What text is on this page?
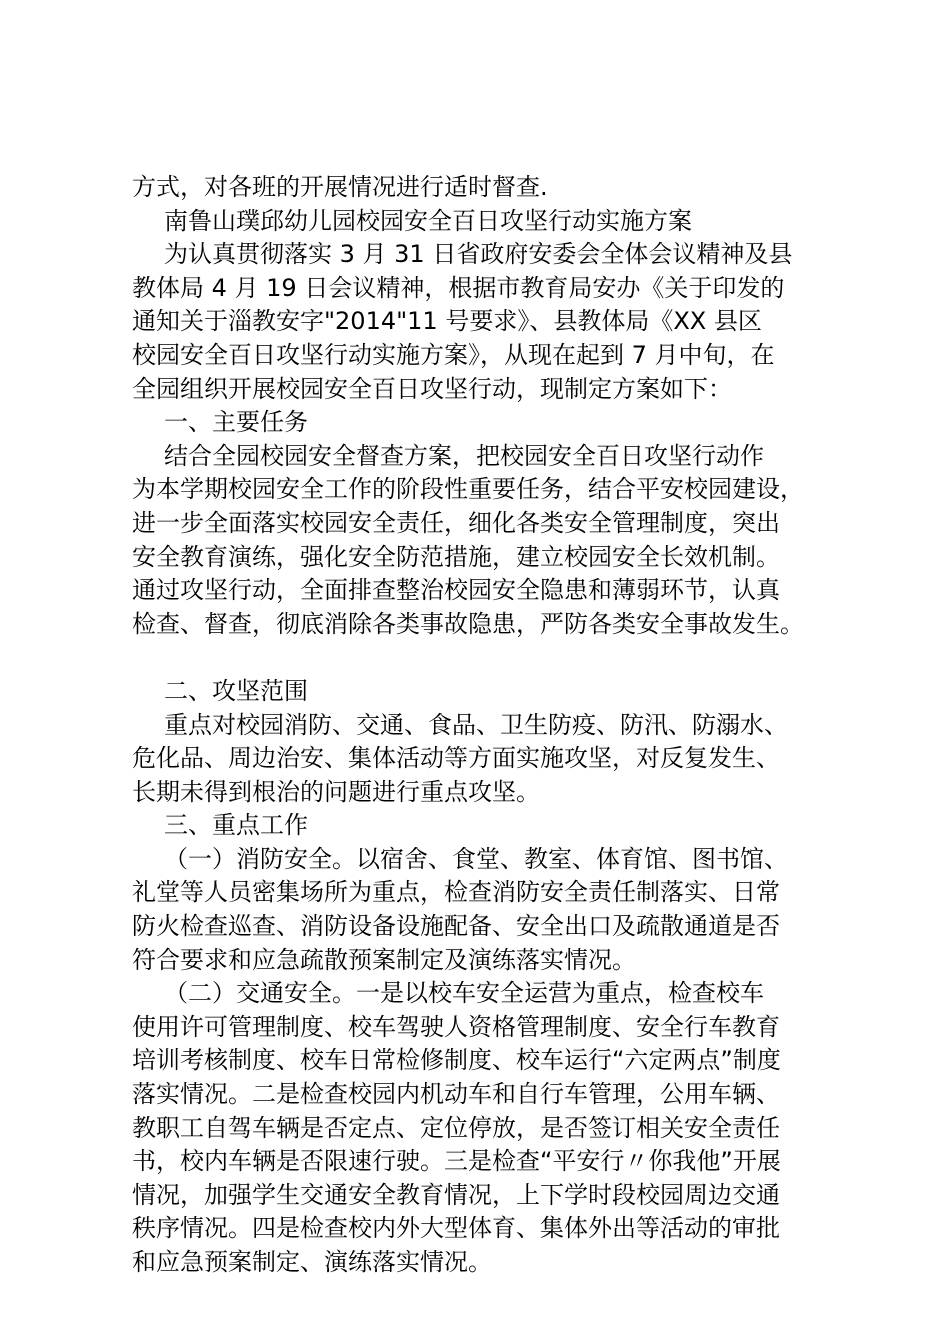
方式，对各班的开展情况进行适时督查.
南鲁山璞邱幼儿园校园安全百日攻坚行动实施方案
为认真贯彻落实 3 月 31 日省政府安委会全体会议精神及县
教体局 4 月 19 日会议精神，根据市教育局安办《关于印发的
通知关于淄教安字"2014"11 号要求》、县教体局《XX 县区
校园安全百日攻坚行动实施方案》，从现在起到 7 月中旬，在
全园组织开展校园安全百日攻坚行动，现制定方案如下：
一、主要任务
结合全园校园安全督查方案，把校园安全百日攻坚行动作
为本学期校园安全工作的阶段性重要任务，结合平安校园建设，
进一步全面落实校园安全责任，细化各类安全管理制度，突出
安全教育演练，强化安全防范措施，建立校园安全长效机制。
通过攻坚行动，全面排查整治校园安全隐患和薄弱环节，认真
检查、督查，彻底消除各类事故隐患，严防各类安全事故发生。
二、攻坚范围
重点对校园消防、交通、食品、卫生防疫、防汛、防溺水、
危化品、周边治安、集体活动等方面实施攻坚，对反复发生、
长期未得到根治的问题进行重点攻坚。
三、重点工作
（一）消防安全。以宿舍、食堂、教室、体育馆、图书馆、
礼堂等人员密集场所为重点，检查消防安全责任制落实、日常
防火检查巡查、消防设备设施配备、安全出口及疏散通道是否
符合要求和应急疏散预案制定及演练落实情况。
（二）交通安全。一是以校车安全运营为重点，检查校车
使用许可管理制度、校车驾驶人资格管理制度、安全行车教育
培训考核制度、校车日常检修制度、校车运行“六定两点”制度
落实情况。二是检查校园内机动车和自行车管理，公用车辆、
教职工自驾车辆是否定点、定位停放，是否签订相关安全责任
书，校内车辆是否限速行驶。三是检查“平安行〃你我他”开展
情况，加强学生交通安全教育情况，上下学时段校园周边交通
秩序情况。四是检查校内外大型体育、集体外出等活动的审批
和应急预案制定、演练落实情况。
